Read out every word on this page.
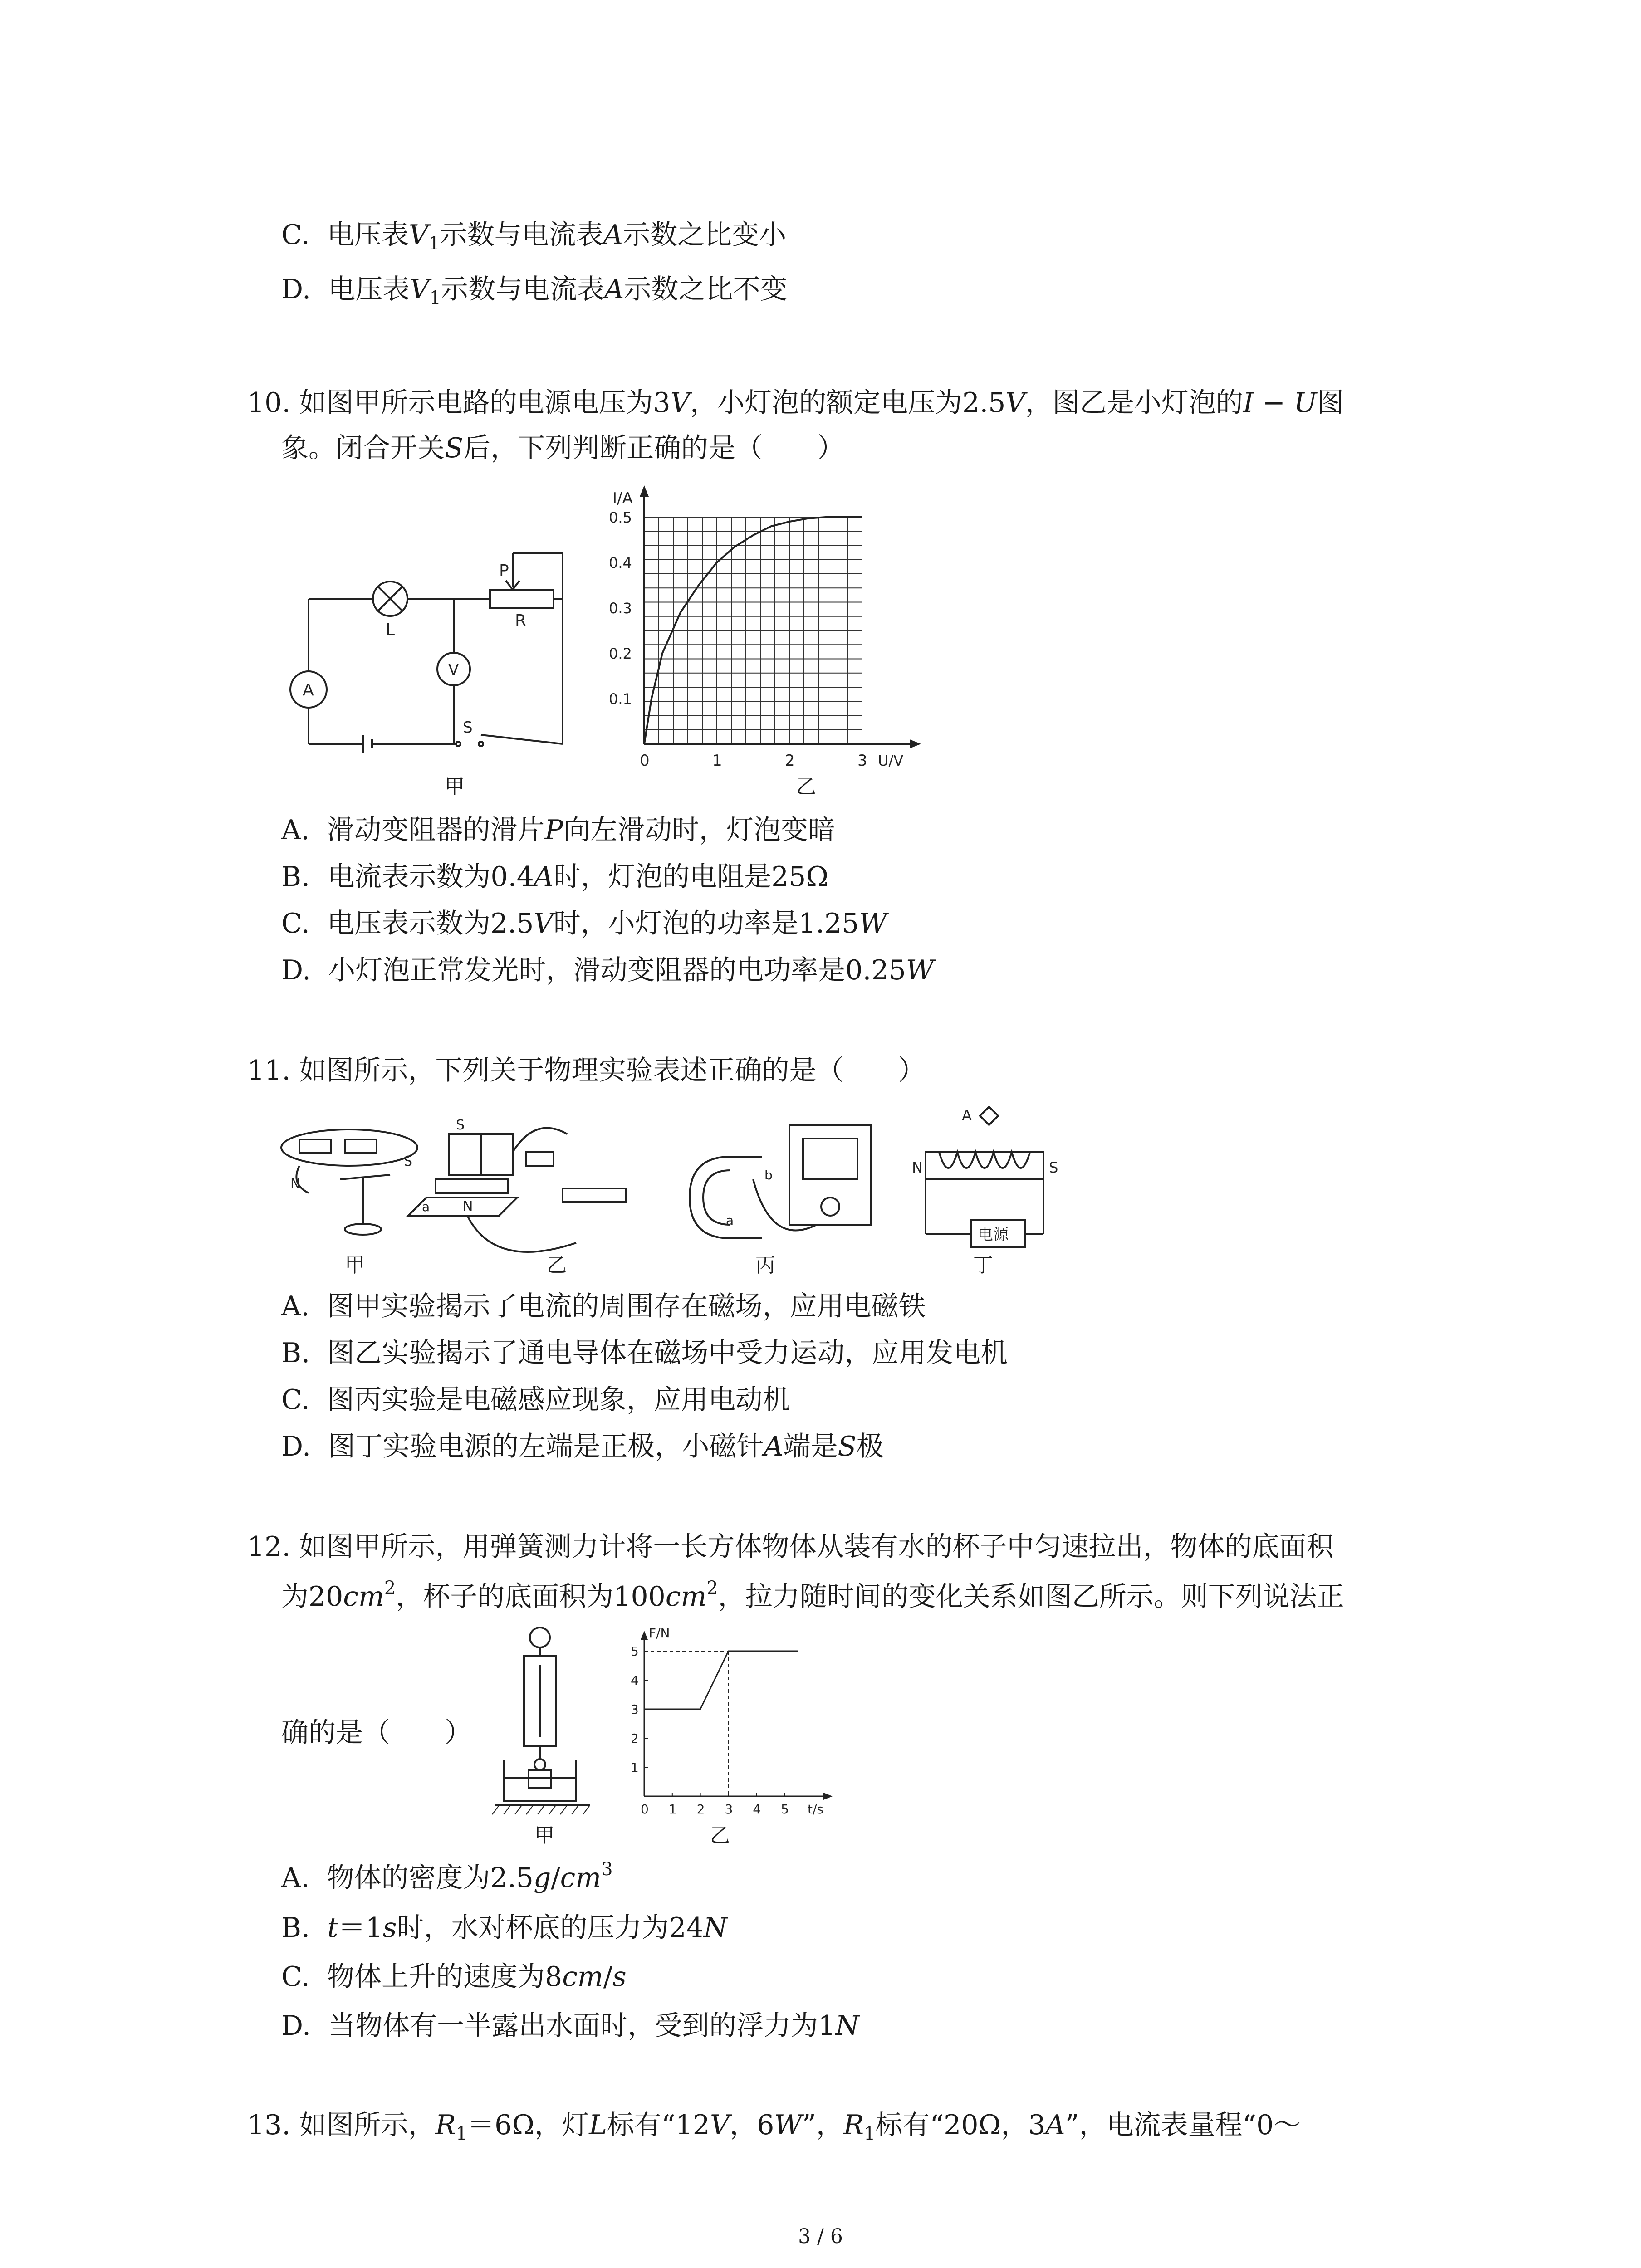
C. 电压表$V_1$示数与电流表A示数之比变小
D. 电压表$V_1$示数与电流表A示数之比不变
10. 如图甲所示电路的电源电压为3V，小灯泡的额定电压为2.5V，图乙是小灯泡的I − U图
象。闭合开关S后，下列判断正确的是（　　）
L
P
R
A
V
S
甲
0	1	2	3
0.1
0.2
0.3
0.4
0.5
U/V
I/A
乙
A. 滑动变阻器的滑片P向左滑动时，灯泡变暗
B. 电流表示数为0.4A时，灯泡的电阻是25Ω
C. 电压表示数为2.5V时，小灯泡的功率是1.25W
D. 小灯泡正常发光时，滑动变阻器的电功率是0.25W
11. 如图所示，下列关于物理实验表述正确的是（　　）
N
S
S
N
a
a
b
A
N	S
电源
甲	乙	丙	丁
A. 图甲实验揭示了电流的周围存在磁场，应用电磁铁
B. 图乙实验揭示了通电导体在磁场中受力运动，应用发电机
C. 图丙实验是电磁感应现象，应用电动机
D. 图丁实验电源的左端是正极，小磁针A端是S极
12. 如图甲所示，用弹簧测力计将一长方体物体从装有水的杯子中匀速拉出，物体的底面积
为$20cm^2$，杯子的底面积为$100cm^2$，拉力随时间的变化关系如图乙所示。则下列说法正
确的是（　　）
甲
0 1 2 3 4 5
1
2
3
4
5
t/s
F/N
乙
A. 物体的密度为$2.5g/cm^3$
B. t＝1s时，水对杯底的压力为24N
C. 物体上升的速度为8cm/s
D. 当物体有一半露出水面时，受到的浮力为1N
13. 如图所示，$R_1=6\Omega$，灯L标有“12V，6W”，$R_1$标有“20Ω，3A”，电流表量程“0～
3 / 6
